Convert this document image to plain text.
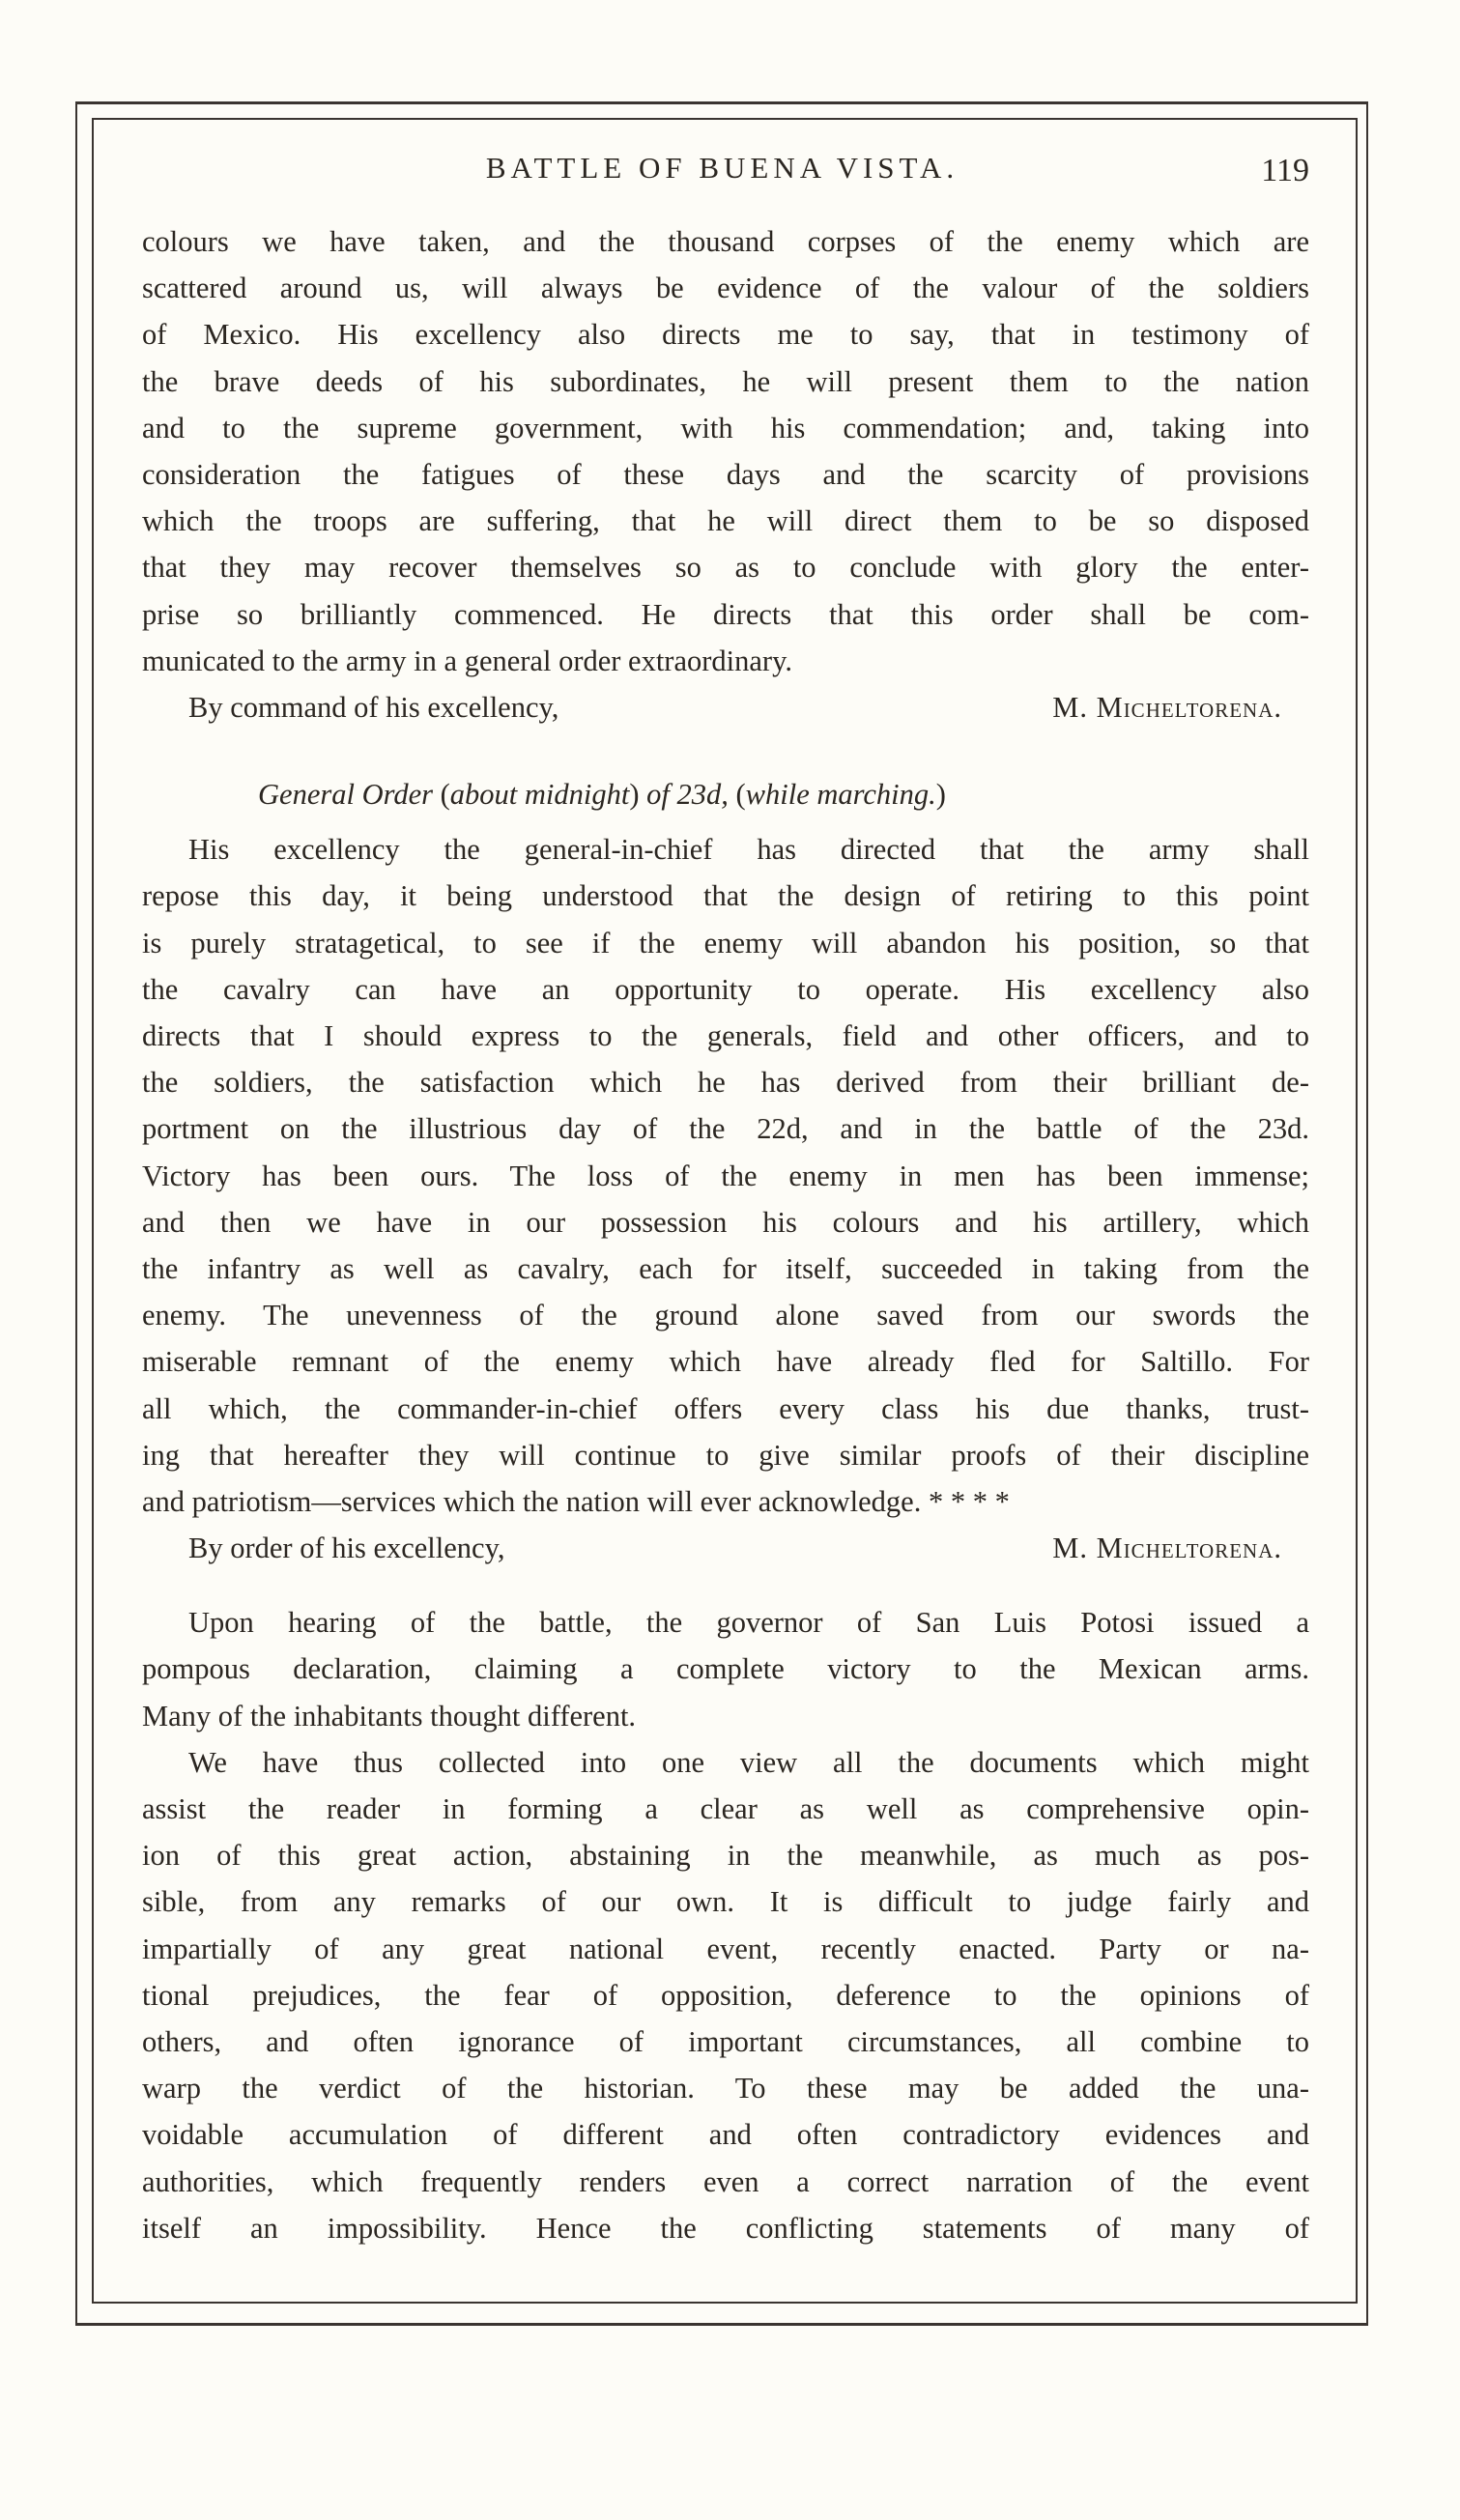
BATTLE OF BUENA VISTA.	119
colours we have taken, and the thousand corpses of the enemy which are
scattered around us, will always be evidence of the valour of the soldiers
of Mexico. His excellency also directs me to say, that in testimony of
the brave deeds of his subordinates, he will present them to the nation
and to the supreme government, with his commendation; and, taking into
consideration the fatigues of these days and the scarcity of provisions
which the troops are suffering, that he will direct them to be so disposed
that they may recover themselves so as to conclude with glory the enter-
prise so brilliantly commenced. He directs that this order shall be com-
municated to the army in a general order extraordinary.
By command of his excellency,	M. Micheltorena.
General Order (about midnight) of 23d, (while marching.)
His excellency the general-in-chief has directed that the army shall
repose this day, it being understood that the design of retiring to this point
is purely stratagetical, to see if the enemy will abandon his position, so that
the cavalry can have an opportunity to operate. His excellency also
directs that I should express to the generals, field and other officers, and to
the soldiers, the satisfaction which he has derived from their brilliant de-
portment on the illustrious day of the 22d, and in the battle of the 23d.
Victory has been ours. The loss of the enemy in men has been immense;
and then we have in our possession his colours and his artillery, which
the infantry as well as cavalry, each for itself, succeeded in taking from the
enemy. The unevenness of the ground alone saved from our swords the
miserable remnant of the enemy which have already fled for Saltillo. For
all which, the commander-in-chief offers every class his due thanks, trust-
ing that hereafter they will continue to give similar proofs of their discipline
and patriotism—services which the nation will ever acknowledge. * * * *
By order of his excellency,	M. Micheltorena.
Upon hearing of the battle, the governor of San Luis Potosi issued a
pompous declaration, claiming a complete victory to the Mexican arms.
Many of the inhabitants thought different.
We have thus collected into one view all the documents which might
assist the reader in forming a clear as well as comprehensive opin-
ion of this great action, abstaining in the meanwhile, as much as pos-
sible, from any remarks of our own. It is difficult to judge fairly and
impartially of any great national event, recently enacted. Party or na-
tional prejudices, the fear of opposition, deference to the opinions of
others, and often ignorance of important circumstances, all combine to
warp the verdict of the historian. To these may be added the una-
voidable accumulation of different and often contradictory evidences and
authorities, which frequently renders even a correct narration of the event
itself an impossibility. Hence the conflicting statements of many of
